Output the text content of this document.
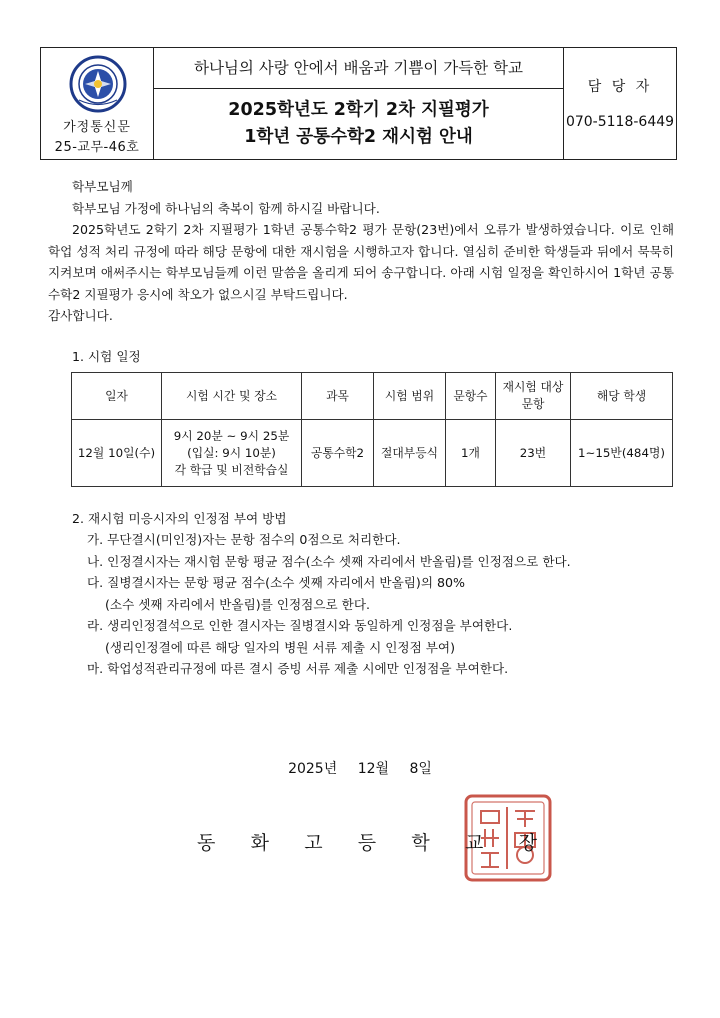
가정통신문
25-교무-46호
하나님의 사랑 안에서 배움과 기쁨이 가득한 학교
2025학년도 2학기 2차 지필평가
1학년 공통수학2 재시험 안내
담 당 자
070-5118-6449

학부모님께

학부모님 가정에 하나님의 축복이 함께 하시길 바랍니다.

2025학년도 2학기 2차 지필평가 1학년 공통수학2 평가 문항(23번)에서 오류가 발생하였습니다. 이로 인해 학업 성적 처리 규정에 따라 해당 문항에 대한 재시험을 시행하고자 합니다. 열심히 준비한 학생들과 뒤에서 묵묵히 지켜보며 애써주시는 학부모님들께 이런 말씀을 올리게 되어 송구합니다. 아래 시험 일정을 확인하시어 1학년 공통수학2 지필평가 응시에 착오가 없으시길 부탁드립니다.

감사합니다.

1. 시험 일정
일자	시험 시간 및 장소	과목	시험 범위	문항수	재시험 대상 문항	해당 학생
12월 10일(수)	9시 20분 ~ 9시 25분
(입실: 9시 10분)
각 학급 및 비전학습실	공통수학2	절대부등식	1개	23번	1~15반(484명)
2. 재시험 미응시자의 인정점 부여 방법
가. 무단결시(미인정)자는 문항 점수의 0점으로 처리한다.
나. 인정결시자는 재시험 문항 평균 점수(소수 셋째 자리에서 반올림)를 인정점으로 한다.
다. 질병결시자는 문항 평균 점수(소수 셋째 자리에서 반올림)의 80%
(소수 셋째 자리에서 반올림)를 인정점으로 한다.
라. 생리인정결석으로 인한 결시자는 질병결시와 동일하게 인정점을 부여한다.
(생리인정결에 따른 해당 일자의 병원 서류 제출 시 인정점 부여)
마. 학업성적관리규정에 따른 결시 증빙 서류 제출 시에만 인정점을 부여한다.
2025년 12월 8일
동 화 고 등 학 교 장
